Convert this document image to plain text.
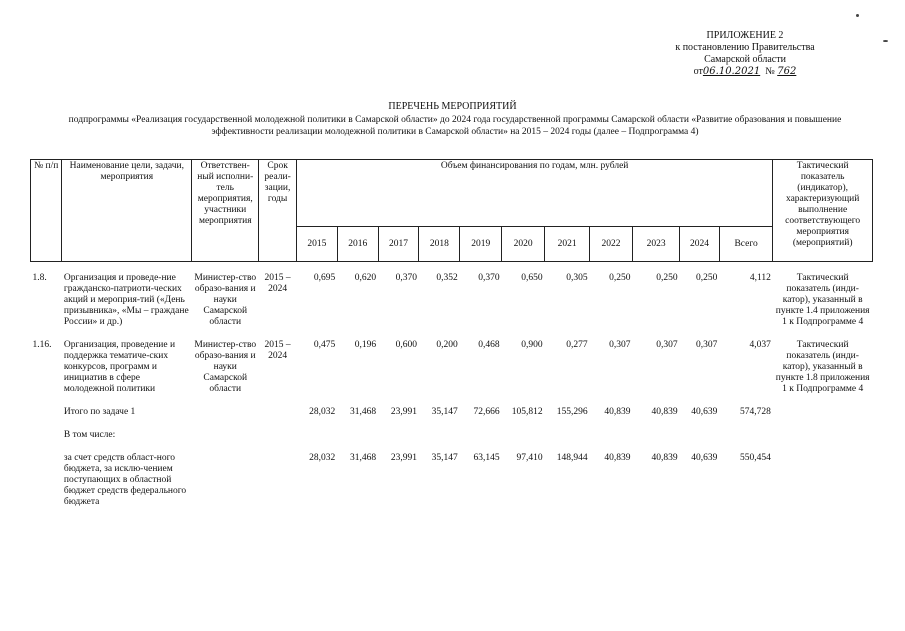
ПРИЛОЖЕНИЕ 2
к постановлению Правительства
Самарской области
от06.10.2021 № 762
ПЕРЕЧЕНЬ МЕРОПРИЯТИЙ
подпрограммы «Реализация государственной молодежной политики в Самарской области» до 2024 года государственной программы Самарской области «Развитие образования и повышение эффективности реализации молодежной политики в Самарской области» на 2015 – 2024 годы (далее – Подпрограмма 4)
№ п/п	Наименование цели, задачи, мероприятия	Ответствен-ный исполни-тель мероприятия, участники мероприятия	Срок реали-зации, годы	Объем финансирования по годам, млн. рублей											Тактический показатель (индикатор), характеризующий выполнение соответствующего мероприятия (мероприятий)
				2015	2016	2017	2018	2019	2020	2021	2022	2023	2024	Всего	

1.8.	Организация и проведе-ние гражданско-патриоти-ческих акций и мероприя-тий («День призывника», «Мы – граждане России» и др.)	Министер-ство образо-вания и науки Самарской области	2015 – 2024	0,695	0,620	0,370	0,352	0,370	0,650	0,305	0,250	0,250	0,250	4,112	Тактический показатель (инди-катор), указанный в пункте 1.4 приложения 1 к Подпрограмме 4

1.16.	Организация, проведение и поддержка тематиче-ских конкурсов, программ и инициатив в сфере молодежной политики	Министер-ство образо-вания и науки Самарской области	2015 – 2024	0,475	0,196	0,600	0,200	0,468	0,900	0,277	0,307	0,307	0,307	4,037	Тактический показатель (инди-катор), указанный в пункте 1.8 приложения 1 к Подпрограмме 4

	Итого по задаче 1			28,032	31,468	23,991	35,147	72,666	105,812	155,296	40,839	40,839	40,639	574,728	

	В том числе:														

	за счет средств област-ного бюджета, за исклю-чением поступающих в областной бюджет средств федерального бюджета			28,032	31,468	23,991	35,147	63,145	97,410	148,944	40,839	40,839	40,639	550,454	
